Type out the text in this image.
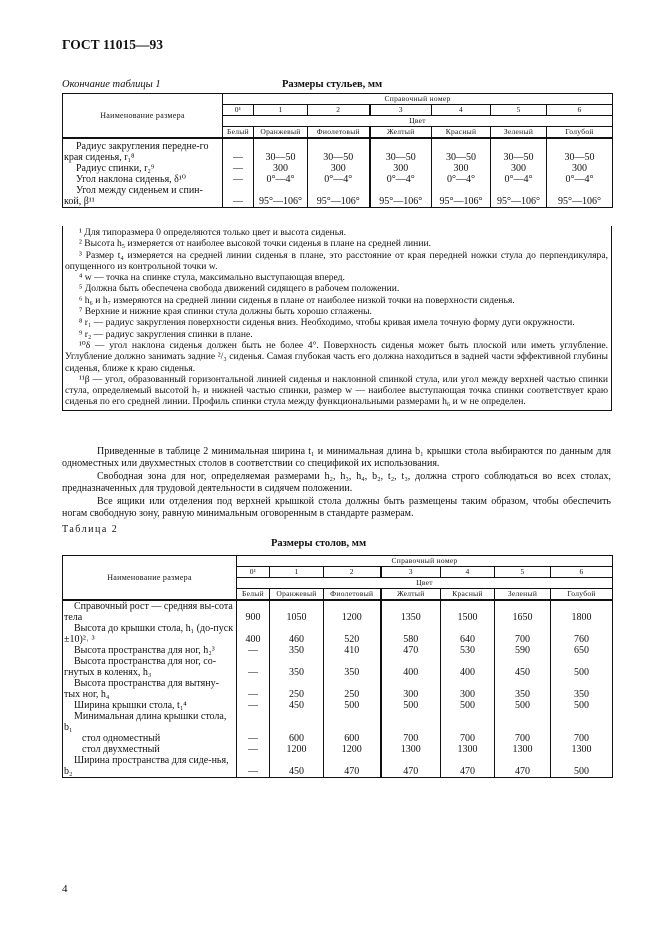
ГОСТ 11015—93
Окончание таблицы 1	Размеры стульев, мм
Наименование размера	Справочный номер						
	0¹	1	2	3	4	5	6
	Цвет						
	Белый	Оранжевый	Фиолетовый	Желтый	Красный	Зеленый	Голубой
Радиус закругления передне-го края сиденья, r₁⁸	—	30—50	30—50	30—50	30—50	30—50	30—50
Радиус спинки, r₂⁹	—	300	300	300	300	300	300
Угол наклона сиденья, δ¹⁰	—	0°—4°	0°—4°	0°—4°	0°—4°	0°—4°	0°—4°
Угол между сиденьем и спин-кой, β¹¹	—	95°—106°	95°—106°	95°—106°	95°—106°	95°—106°	95°—106°

¹ Для типоразмера 0 определяются только цвет и высота сиденья.

² Высота h₅ измеряется от наиболее высокой точки сиденья в плане на средней линии.

³ Размер t₄ измеряется на средней линии сиденья в плане, это расстояние от края передней ножки стула до перпендикуляра, опущенного из контрольной точки w.

⁴ w — точка на спинке стула, максимально выступающая вперед.

⁵ Должна быть обеспечена свобода движений сидящего в рабочем положении.

⁶ h₆ и h₇ измеряются на средней линии сиденья в плане от наиболее низкой точки на поверхности сиденья.

⁷ Верхние и нижние края спинки стула должны быть хорошо сглажены.

⁸ r₁ — радиус закругления поверхности сиденья вниз. Необходимо, чтобы кривая имела точную форму дуги окружности.

⁹ r₂ — радиус закругления спинки в плане.

¹⁰δ — угол наклона сиденья должен быть не более 4°. Поверхность сиденья может быть плоской или иметь углубление. Углубление должно занимать задние ²/₃ сиденья. Самая глубокая часть его должна находиться в задней части эффективной глубины сиденья, ближе к краю сиденья.

¹¹β — угол, образованный горизонтальной линией сиденья и наклонной спинкой стула, или угол между верхней частью спинки стула, определяемый высотой h₇ и нижней частью спинки, размер w — наиболее выступающая точка спинки соответствует краю сиденья по его средней линии. Профиль спинки стула между функциональными размерами h₆ и w не определен.

Приведенные в таблице 2 минимальная ширина t₁ и минимальная длина b₁ крышки стола выбираются по данным для одноместных или двухместных столов в соответствии со спецификой их использования.

Свободная зона для ног, определяемая размерами h₂, h₃, h₄, b₂, t₂, t₃, должна строго соблюдаться во всех столах, предназначенных для трудовой деятельности в сидячем положении.

Все ящики или отделения под верхней крышкой стола должны быть размещены таким образом, чтобы обеспечить ногам свободную зону, равную минимальным оговоренным в стандарте размерам.

Таблица 2
Размеры столов, мм
Наименование размера	Справочный номер						
	0¹	1	2	3	4	5	6
	Цвет						
	Белый	Оранжевый	Фиолетовый	Желтый	Красный	Зеленый	Голубой
Справочный рост — средняя вы-сота тела	900	1050	1200	1350	1500	1650	1800
Высота до крышки стола, h₁ (до-пуск ±10)²˒ ³	400	460	520	580	640	700	760
Высота пространства для ног, h₂³	—	350	410	470	530	590	650
Высота пространства для ног, со-гнутых в коленях, h₃	—	350	350	400	400	450	500
Высота пространства для вытяну-тых ног, h₄	—	250	250	300	300	350	350
Ширина крышки стола, t₁⁴	—	450	500	500	500	500	500
Минимальная длина крышки стола, b₁							
стол одноместный	—	600	600	700	700	700	700
стол двухместный	—	1200	1200	1300	1300	1300	1300
Ширина пространства для сиде-нья, b₂	—	450	470	470	470	470	500
4
